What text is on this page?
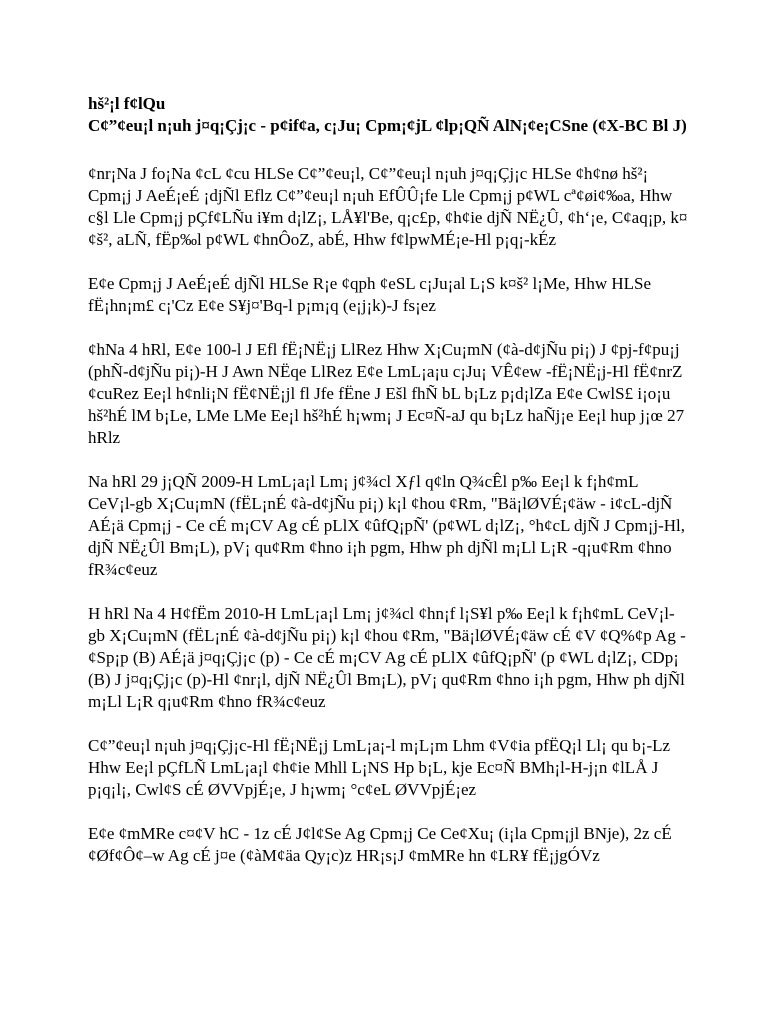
hš²¡l f¢lQu

C¢”¢eu¡l n¡uh j¤q¡Çj¡c - p¢if¢a, c¡Ju¡ Cpm¡¢jL ¢lp¡QÑ AlN¡¢e¡CSne (¢X-BC Bl J)

¢nr¡Na J fo¡Na ¢cL ¢cu HLSe C¢”¢eu¡l, C¢”¢eu¡l n¡uh j¤q¡Çj¡c HLSe ¢h¢nø hš²¡ Cpm¡j J AeÉ¡eÉ ¡djÑl Eflz C¢”¢eu¡l n¡uh EfÛÛ¡fe Lle Cpm¡j p¢WL cª¢øi¢‰a, Hhw c§l Lle Cpm¡j pÇf¢LÑu i¥m d¡lZ¡, LÅ¥l'Be, q¡c£p, ¢h¢ie djÑ NË¿Û, ¢h‘¡e, C¢aq¡p, k¤¢š², aLÑ, fËp‰l p¢WL ¢hnÔoZ, abÉ, Hhw f¢lpwMÉ¡e-Hl p¡q¡-kÉz

E¢e Cpm¡j J AeÉ¡eÉ djÑl HLSe R¡e ¢qph ¢eSL c¡Ju¡al L¡S k¤š² l¡Me, Hhw HLSe fË¡hn¡m£ c¡'Cz E¢e S¥j¤'Bq-l p¡m¡q (e¡j¡k)-J fs¡ez

¢hNa 4 hRl, E¢e 100-l J Efl fË¡NË¡j LlRez Hhw X¡Cu¡mN (¢à-d¢jÑu pi¡) J ¢pj-f¢pu¡j (phÑ-d¢jÑu pi¡)-H J Awn NËqe LlRez E¢e LmL¡a¡u c¡Ju¡ VÊ¢ew -fË¡NË¡j-Hl fË¢nrZ ¢cuRez Ee¡l h¢nli¡N fË¢NË¡jl fl Jfe fËne J Ešl fhÑ bL b¡Lz p¡d¡lZa E¢e CwlS£ i¡o¡u hš²hÉ lM b¡Le, LMe LMe Ee¡l hš²hÉ h¡wm¡ J Ec¤Ñ-aJ qu b¡Lz haÑj¡e Ee¡l hup j¡œ 27 hRlz

Na hRl 29 j¡QÑ 2009-H LmL¡a¡l Lm¡ j¢¾cl Xƒl q¢ln Q¾cÊl p‰ Ee¡l k f¡h¢mL CeV¡l-gb X¡Cu¡mN (fËL¡nÉ ¢à-d¢jÑu pi¡) k¡l ¢hou ¢Rm, "Bä¡lØVÉ¡¢äw - i¢cL-djÑ AÉ¡ä Cpm¡j - Ce cÉ m¡CV Ag cÉ pLlX ¢ûfQ¡pÑ' (p¢WL d¡lZ¡, °h¢cL djÑ J Cpm¡j-Hl, djÑ NË¿Ûl Bm¡L), pV¡ qu¢Rm ¢hno i¡h pgm, Hhw ph djÑl m¡Ll L¡R -q¡u¢Rm ¢hno fR¾c¢euz

H hRl Na 4 H¢fËm 2010-H LmL¡a¡l Lm¡ j¢¾cl ¢hn¡f l¡S¥l p‰ Ee¡l k f¡h¢mL CeV¡l-gb X¡Cu¡mN (fËL¡nÉ ¢à-d¢jÑu pi¡) k¡l ¢hou ¢Rm, "Bä¡lØVÉ¡¢äw cÉ ¢V ¢Q%¢p Ag - ¢Sp¡p (B) AÉ¡ä j¤q¡Çj¡c (p) - Ce cÉ m¡CV Ag cÉ pLlX ¢ûfQ¡pÑ' (p ¢WL d¡lZ¡, CDp¡ (B) J j¤q¡Çj¡c (p)-Hl ¢nr¡l, djÑ NË¿Ûl Bm¡L), pV¡ qu¢Rm ¢hno i¡h pgm, Hhw ph djÑl m¡Ll L¡R q¡u¢Rm ¢hno fR¾c¢euz

C¢”¢eu¡l n¡uh j¤q¡Çj¡c-Hl fË¡NË¡j LmL¡a¡-l m¡L¡m Lhm ¢V¢ia pfËQ¡l Ll¡ qu b¡-Lz Hhw Ee¡l pÇfLÑ LmL¡a¡l ¢h¢ie Mhll L¡NS Hp b¡L, kje Ec¤Ñ BMh¡l-H-j¡n ¢lLÅ J p¡q¡l¡, Cwl¢S cÉ ØVVpjÉ¡e, J h¡wm¡ °c¢eL ØVVpjÉ¡ez

E¢e ¢mMRe c¤¢V hC - 1z cÉ J¢l¢Se Ag Cpm¡j Ce Ce¢Xu¡ (i¡la Cpm¡jl BNje), 2z cÉ ¢Øf¢Ô¢–w Ag cÉ j¤e (¢àM¢äa Qy¡c)z HR¡s¡J ¢mMRe hn ¢LR¥ fË¡jgÓVz
